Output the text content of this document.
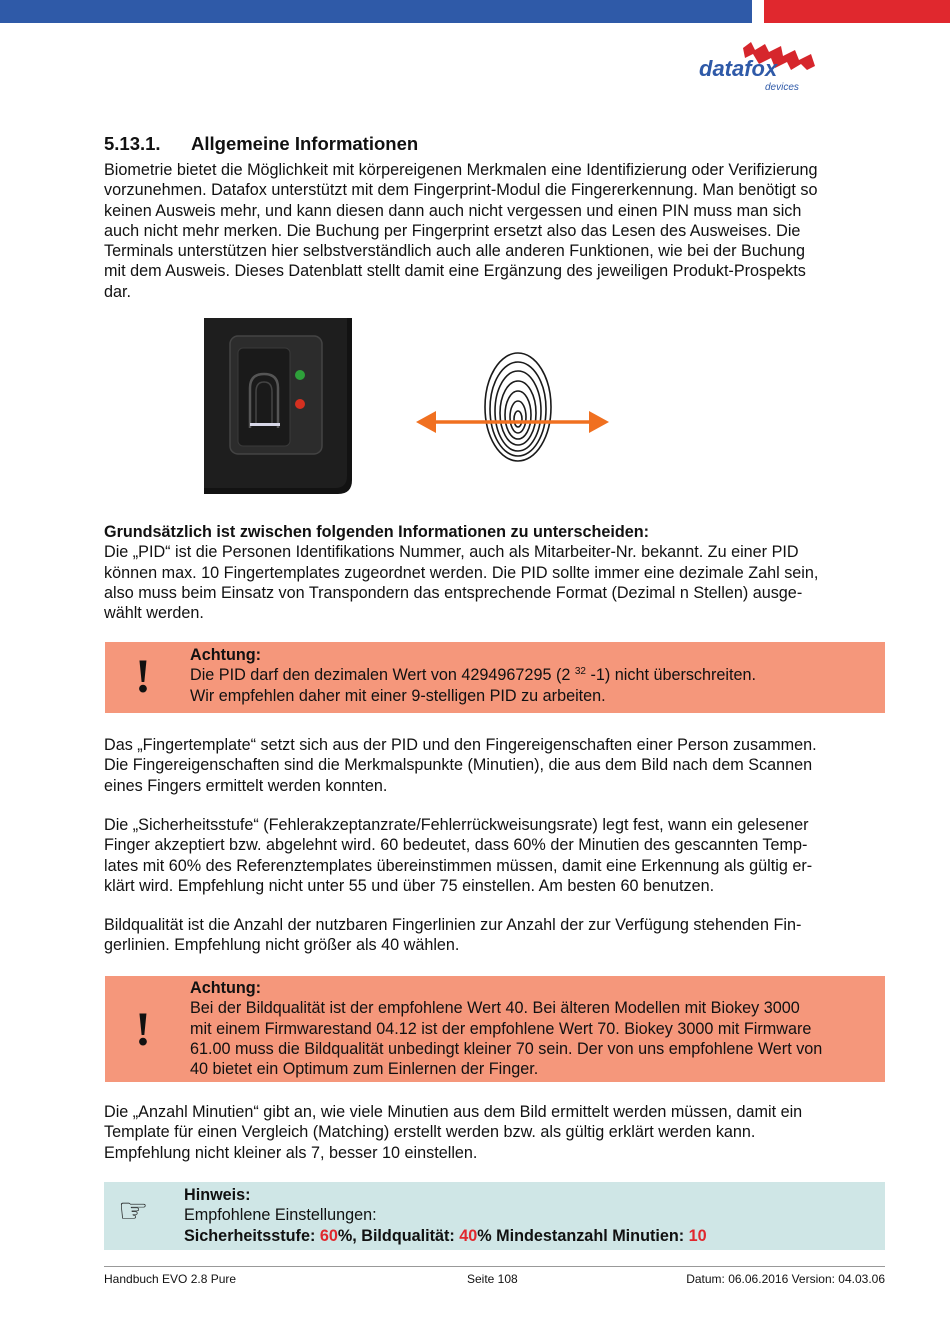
datafox
devices
5.13.1. Allgemeine Informationen
Biometrie bietet die Möglichkeit mit körpereigenen Merkmalen eine Identifizierung oder Verifizierung
vorzunehmen. Datafox unterstützt mit dem Fingerprint-Modul die Fingererkennung. Man benötigt so
keinen Ausweis mehr, und kann diesen dann auch nicht vergessen und einen PIN muss man sich
auch nicht mehr merken. Die Buchung per Fingerprint ersetzt also das Lesen des Ausweises. Die
Terminals unterstützen hier selbstverständlich auch alle anderen Funktionen, wie bei der Buchung
mit dem Ausweis. Dieses Datenblatt stellt damit eine Ergänzung des jeweiligen Produkt-Prospekts
dar.
Grundsätzlich ist zwischen folgenden Informationen zu unterscheiden:
Die „PID“ ist die Personen Identifikations Nummer, auch als Mitarbeiter-Nr. bekannt. Zu einer PID
können max. 10 Fingertemplates zugeordnet werden. Die PID sollte immer eine dezimale Zahl sein,
also muss beim Einsatz von Transpondern das entsprechende Format (Dezimal n Stellen) ausge-
wählt werden.
! Achtung:
Die PID darf den dezimalen Wert von 4294967295 (2 $^{32}$ -1) nicht überschreiten.
Wir empfehlen daher mit einer 9-stelligen PID zu arbeiten.
Das „Fingertemplate“ setzt sich aus der PID und den Fingereigenschaften einer Person zusammen.
Die Fingereigenschaften sind die Merkmalspunkte (Minutien), die aus dem Bild nach dem Scannen
eines Fingers ermittelt werden konnten.
Die „Sicherheitsstufe“ (Fehlerakzeptanzrate/Fehlerrückweisungsrate) legt fest, wann ein gelesener
Finger akzeptiert bzw. abgelehnt wird. 60 bedeutet, dass 60% der Minutien des gescannten Temp-
lates mit 60% des Referenztemplates übereinstimmen müssen, damit eine Erkennung als gültig er-
klärt wird. Empfehlung nicht unter 55 und über 75 einstellen. Am besten 60 benutzen.
Bildqualität ist die Anzahl der nutzbaren Fingerlinien zur Anzahl der zur Verfügung stehenden Fin-
gerlinien. Empfehlung nicht größer als 40 wählen.
!
Achtung:
Bei der Bildqualität ist der empfohlene Wert 40. Bei älteren Modellen mit Biokey 3000
mit einem Firmwarestand 04.12 ist der empfohlene Wert 70. Biokey 3000 mit Firmware
61.00 muss die Bildqualität unbedingt kleiner 70 sein. Der von uns empfohlene Wert von
40 bietet ein Optimum zum Einlernen der Finger.
Die „Anzahl Minutien“ gibt an, wie viele Minutien aus dem Bild ermittelt werden müssen, damit ein
Template für einen Vergleich (Matching) erstellt werden bzw. als gültig erklärt werden kann.
Empfehlung nicht kleiner als 7, besser 10 einstellen.
☞ Hinweis:
Empfohlene Einstellungen:
Sicherheitsstufe: 60%, Bildqualität: 40% Mindestanzahl Minutien: 10
Handbuch EVO 2.8 Pure	Seite 108	Datum: 06.06.2016 Version: 04.03.06
